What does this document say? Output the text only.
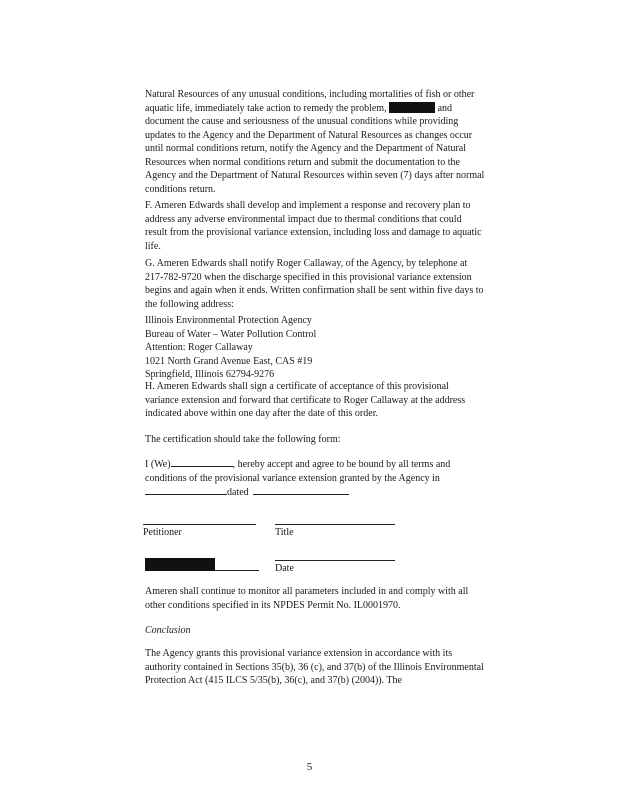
Natural Resources of any unusual conditions, including mortalities of fish or other aquatic life, immediately take action to remedy the problem,	and document the cause and seriousness of the unusual conditions while providing updates to the Agency and the Department of Natural Resources as changes occur until normal conditions return, notify the Agency and the Department of Natural Resources when normal conditions return and submit the documentation to the Agency and the Department of Natural Resources within seven (7) days after normal conditions return.

F. Ameren Edwards shall develop and implement a response and recovery plan to address any adverse environmental impact due to thermal conditions that could result from the provisional variance extension, including loss and damage to aquatic life.

G. Ameren Edwards shall notify Roger Callaway, of the Agency, by telephone at 217-782-9720 when the discharge specified in this provisional variance extension begins and again when it ends. Written confirmation shall be sent within five days to the following address:

Illinois Environmental Protection Agency
Bureau of Water – Water Pollution Control
Attention: Roger Callaway
1021 North Grand Avenue East, CAS #19
Springfield, Illinois 62794-9276

H. Ameren Edwards shall sign a certificate of acceptance of this provisional variance extension and forward that certificate to Roger Callaway at the address indicated above within one day after the date of this order.

The certification should take the following form:

I (We)	, hereby accept and agree to be bound by all terms and conditions of the provisional variance extension granted by the Agency in
dated

Petitioner	Title
Date

Ameren shall continue to monitor all parameters included in and comply with all other conditions specified in its NPDES Permit No. IL0001970.

Conclusion

The Agency grants this provisional variance extension in accordance with its authority contained in Sections 35(b), 36 (c), and 37(b) of the Illinois Environmental Protection Act (415 ILCS 5/35(b), 36(c), and 37(b) (2004)). The

5
